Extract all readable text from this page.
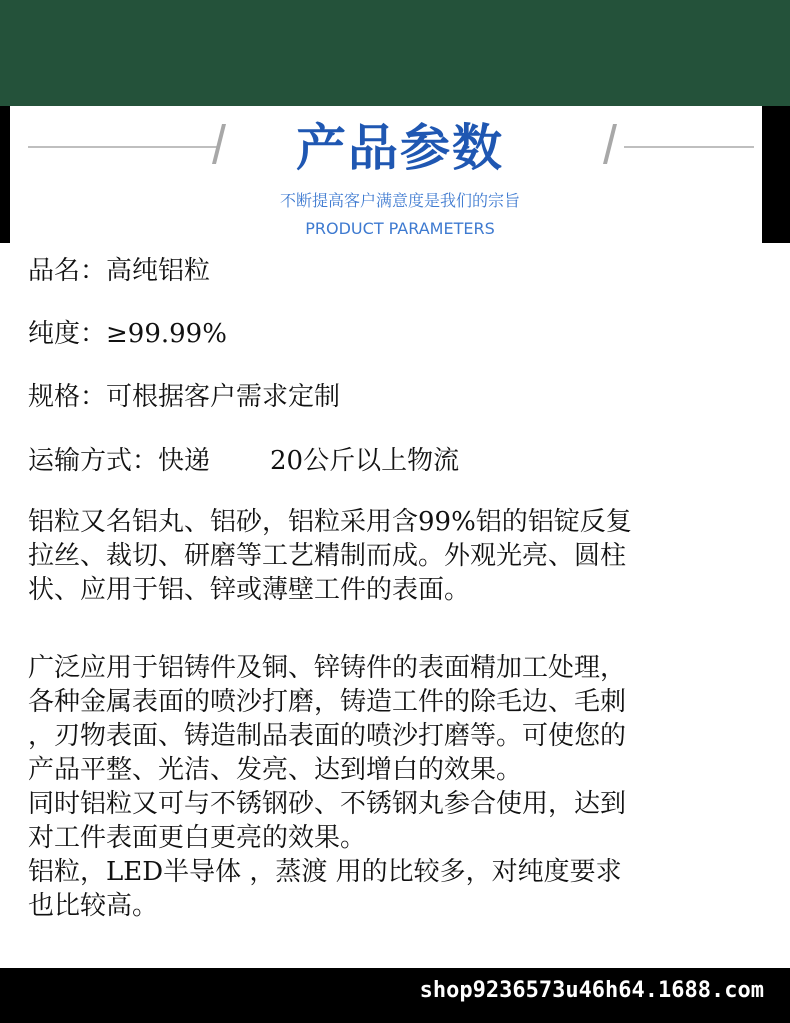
产品参数
不断提高客户满意度是我们的宗旨
PRODUCT PARAMETERS
品名：高纯铝粒
纯度：≥99.99%
规格：可根据客户需求定制
运输方式：快递 20公斤以上物流
铝粒又名铝丸、铝砂，铝粒采用含99%铝的铝锭反复
拉丝、裁切、研磨等工艺精制而成。外观光亮、圆柱
状、应用于铝、锌或薄壁工件的表面。
广泛应用于铝铸件及铜、锌铸件的表面精加工处理，
各种金属表面的喷沙打磨，铸造工件的除毛边、毛刺
，刃物表面、铸造制品表面的喷沙打磨等。可使您的
产品平整、光洁、发亮、达到增白的效果。
同时铝粒又可与不锈钢砂、不锈钢丸参合使用，达到
对工件表面更白更亮的效果。
铝粒，LED半导体 ，蒸渡 用的比较多，对纯度要求
也比较高。
shop9236573u46h64.1688.com
